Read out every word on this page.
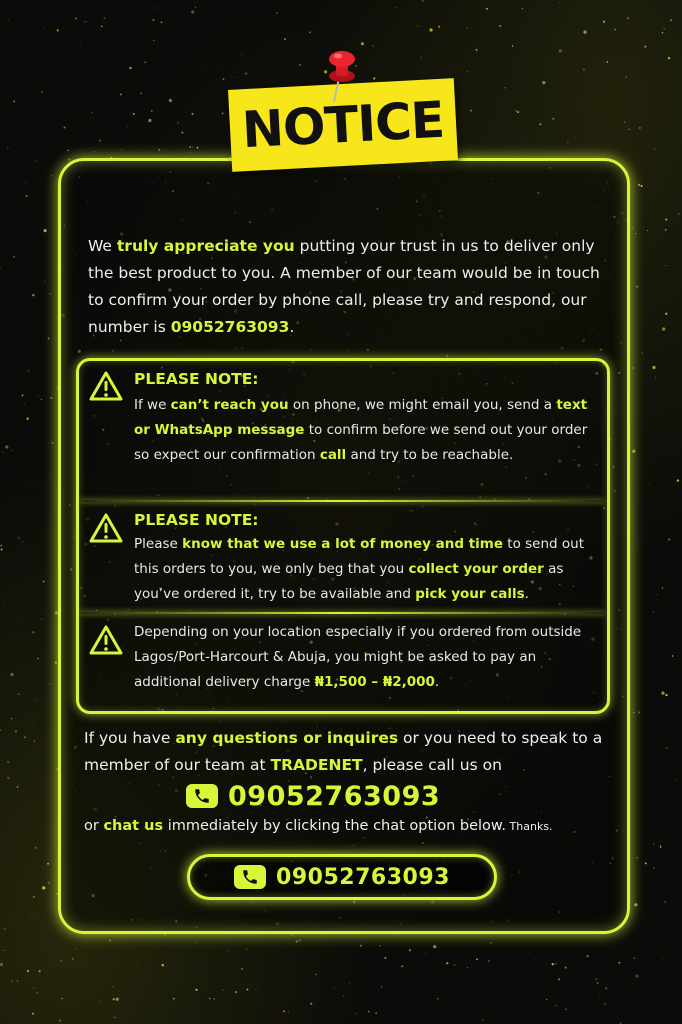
NOTICE
We truly appreciate you putting your trust in us to deliver only the best product to you. A member of our team would be in touch to confirm your order by phone call, please try and respond, our number is 09052763093.
PLEASE NOTE:
If we can’t reach you on phone, we might email you, send a text or WhatsApp message to confirm before we send out your order so expect our confirmation call and try to be reachable.
PLEASE NOTE:
Please know that we use a lot of money and time to send out this orders to you, we only beg that you collect your order as you’ve ordered it, try to be available and pick your calls.
Depending on your location especially if you ordered from outside Lagos/Port-Harcourt & Abuja, you might be asked to pay an additional delivery charge ₦1,500 – ₦2,000.
If you have any questions or inquires or you need to speak to a member of our team at TRADENET, please call us on
09052763093
or chat us immediately by clicking the chat option below. Thanks.
09052763093
